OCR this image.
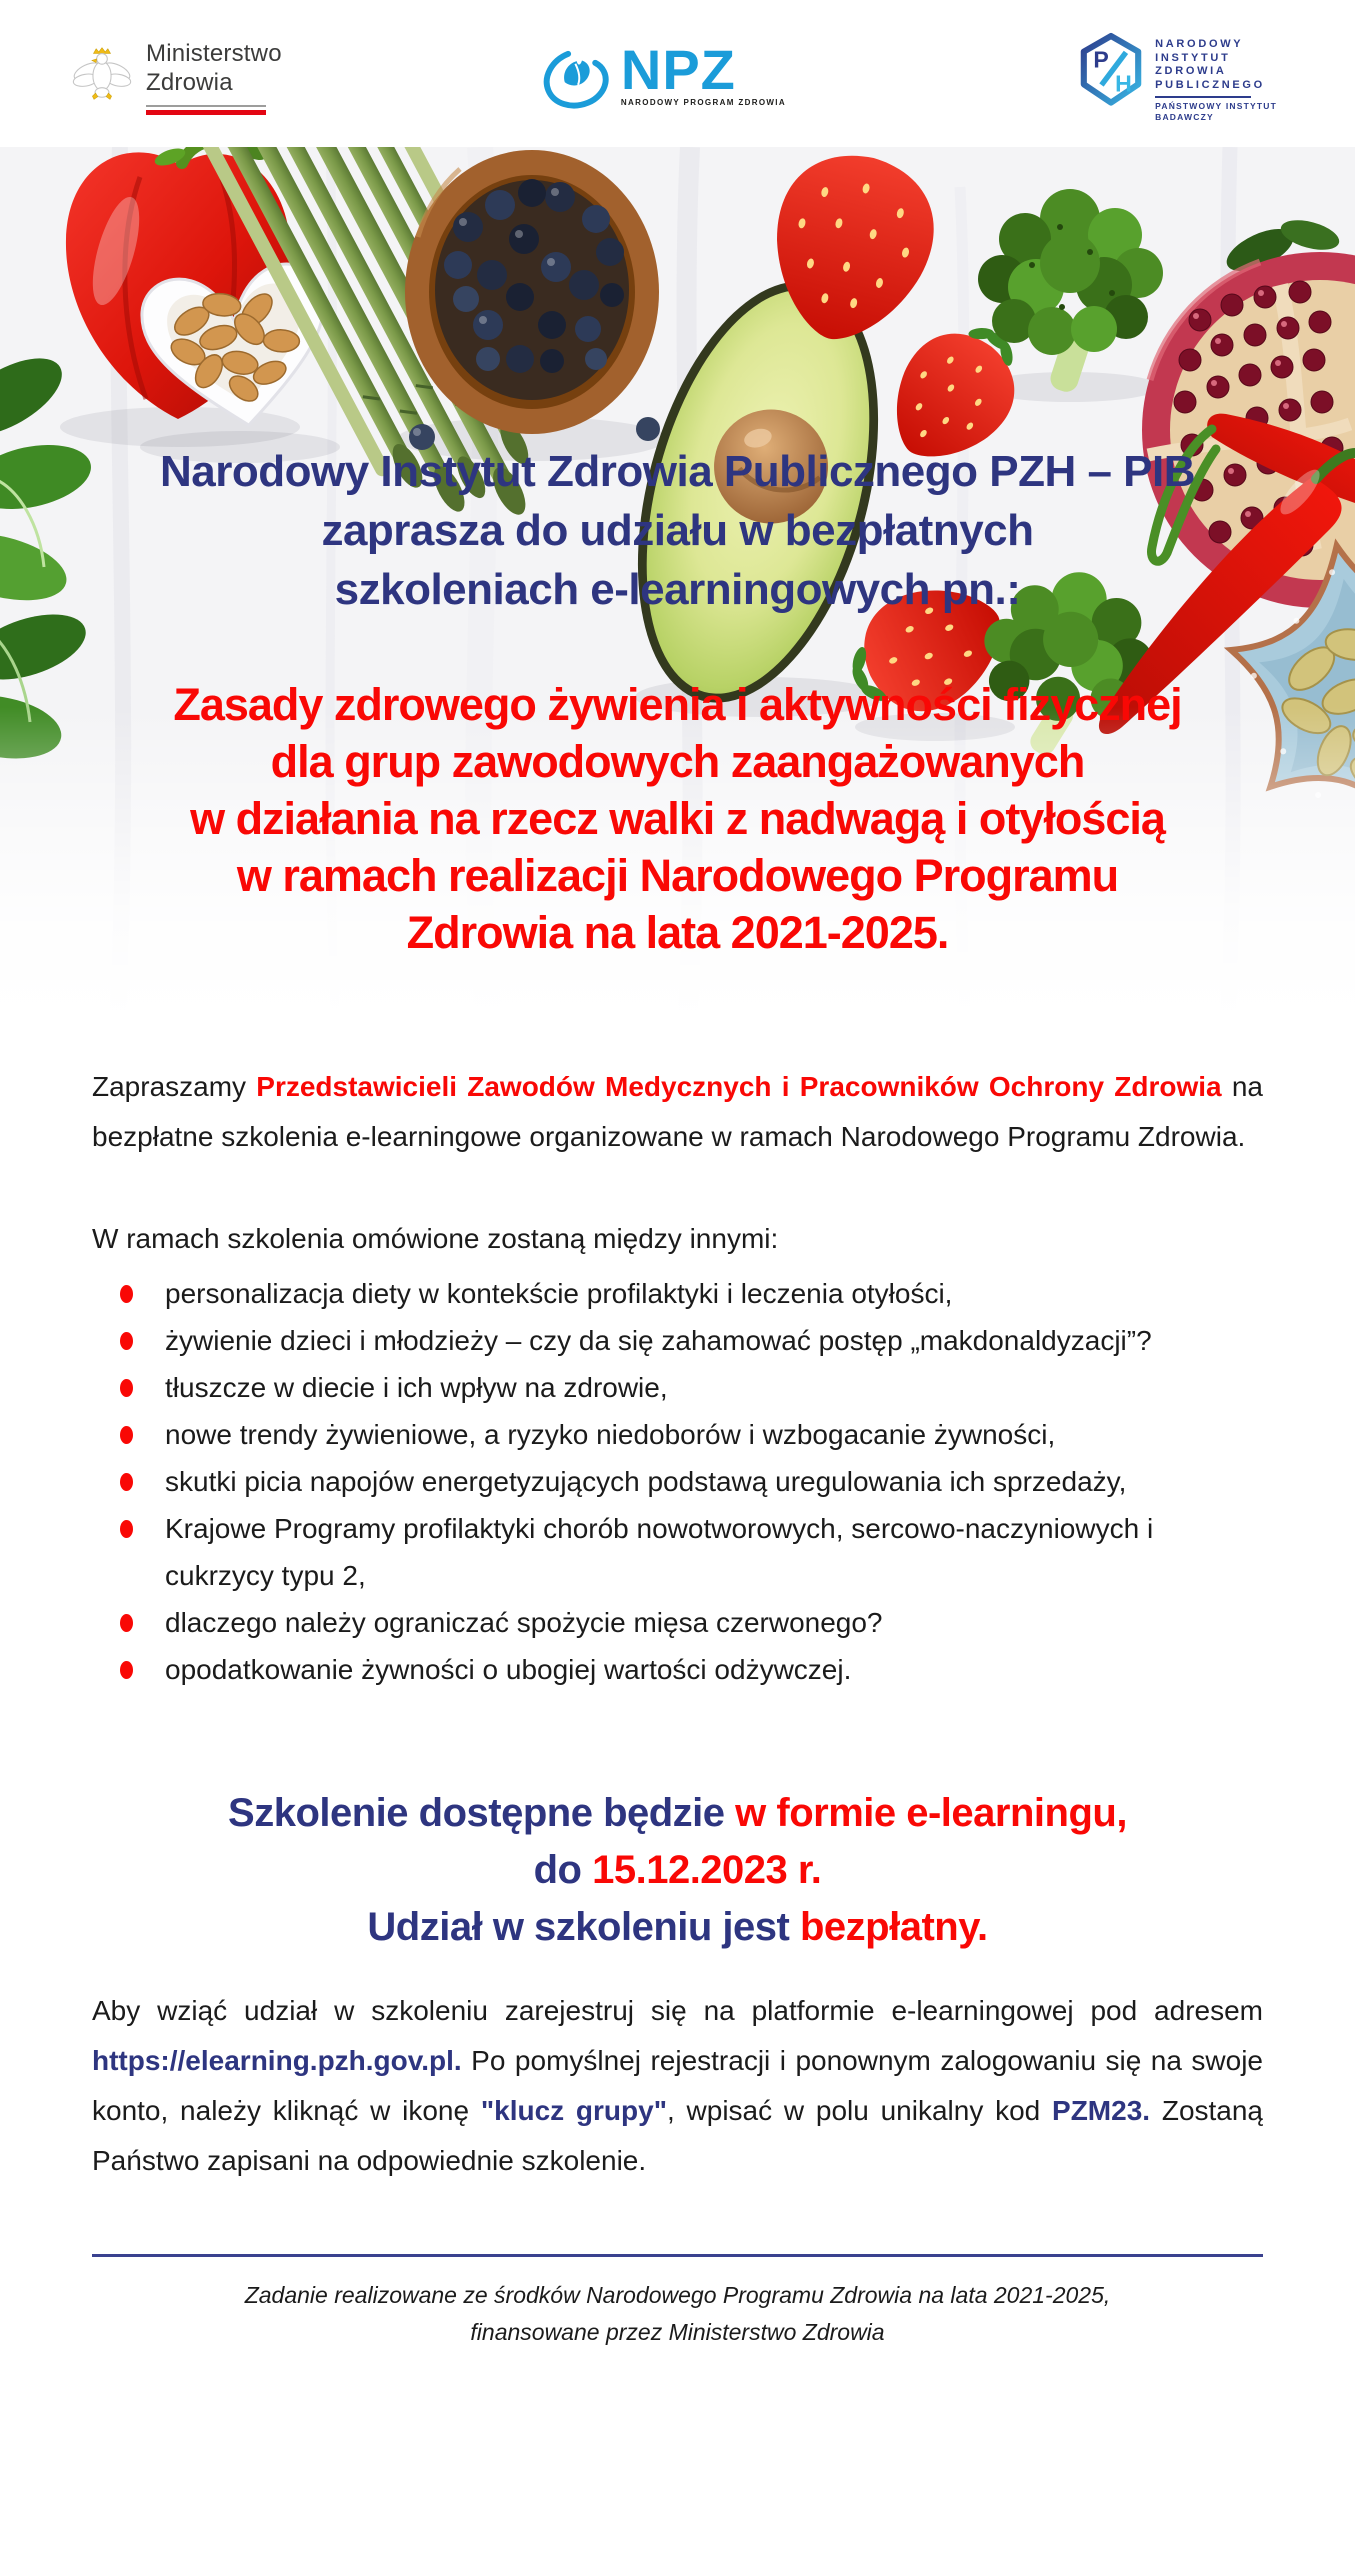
Ministerstwo
Zdrowia	NPZ
NARODOWY PROGRAM ZDROWIA
P
H
NARODOWY
INSTYTUT
ZDROWIA
PUBLICZNEGO
PAŃSTWOWY INSTYTUT
BADAWCZY
Narodowy Instytut Zdrowia Publicznego PZH – PIB
zaprasza do udziału w bezpłatnych
szkoleniach e-learningowych pn.:
Zasady zdrowego żywienia i aktywności fizycznej
dla grup zawodowych zaangażowanych
w działania na rzecz walki z nadwagą i otyłością
w ramach realizacji Narodowego Programu
Zdrowia na lata 2021-2025.

Zapraszamy Przedstawicieli Zawodów Medycznych i Pracowników Ochrony Zdrowia na bezpłatne szkolenia e-learningowe organizowane w ramach Narodowego Programu Zdrowia.

W ramach szkolenia omówione zostaną między innymi:

personalizacja diety w kontekście profilaktyki i leczenia otyłości,
żywienie dzieci i młodzieży – czy da się zahamować postęp „makdonaldyzacji”?
tłuszcze w diecie i ich wpływ na zdrowie,
nowe trendy żywieniowe, a ryzyko niedoborów i wzbogacanie żywności,
skutki picia napojów energetyzujących podstawą uregulowania ich sprzedaży,
Krajowe Programy profilaktyki chorób nowotworowych, sercowo-naczyniowych i cukrzycy typu 2,
dlaczego należy ograniczać spożycie mięsa czerwonego?
opodatkowanie żywności o ubogiej wartości odżywczej.
Szkolenie dostępne będzie w formie e-learningu,
do 15.12.2023 r.
Udział w szkoleniu jest bezpłatny.

Aby wziąć udział w szkoleniu zarejestruj się na platformie e-learningowej pod adresem https://elearning.pzh.gov.pl. Po pomyślnej rejestracji i ponownym zalogowaniu się na swoje konto, należy kliknąć w ikonę "klucz grupy", wpisać w polu unikalny kod PZM23. Zostaną Państwo zapisani na odpowiednie szkolenie.

Zadanie realizowane ze środków Narodowego Programu Zdrowia na lata 2021-2025,
finansowane przez Ministerstwo Zdrowia
